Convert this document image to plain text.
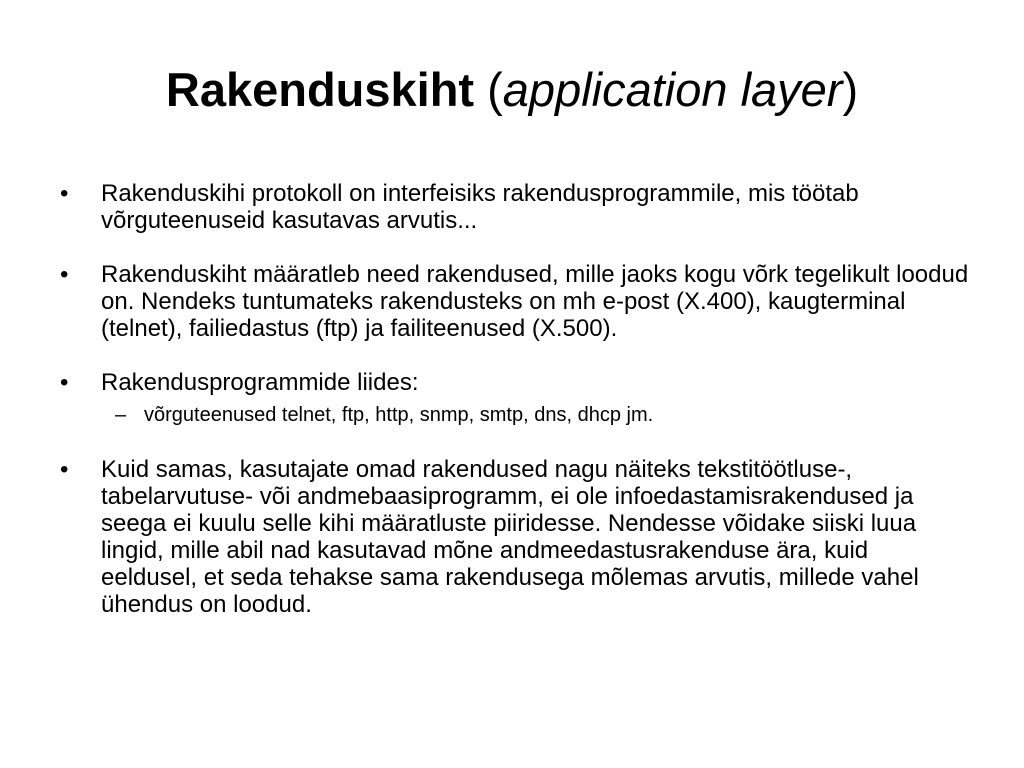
Rakenduskiht (application layer)
•	Rakenduskihi protokoll on interfeisiks rakendusprogrammile, mis töötab võrguteenuseid kasutavas arvutis...
•	Rakenduskiht määratleb need rakendused, mille jaoks kogu võrk tegelikult loodud on. Nendeks tuntumateks rakendusteks on mh e-post (X.400), kaugterminal (telnet), failiedastus (ftp) ja failiteenused (X.500).
•	Rakendusprogrammide liides:
– võrguteenused telnet, ftp, http, snmp, smtp, dns, dhcp jm.
•	Kuid samas, kasutajate omad rakendused nagu näiteks tekstitöötluse-, tabelarvutuse- või andmebaasiprogramm, ei ole infoedastamisrakendused ja seega ei kuulu selle kihi määratluste piiridesse. Nendesse võidake siiski luua lingid, mille abil nad kasutavad mõne andmeedastusrakenduse ära, kuid eeldusel, et seda tehakse sama rakendusega mõlemas arvutis, millede vahel ühendus on loodud.
